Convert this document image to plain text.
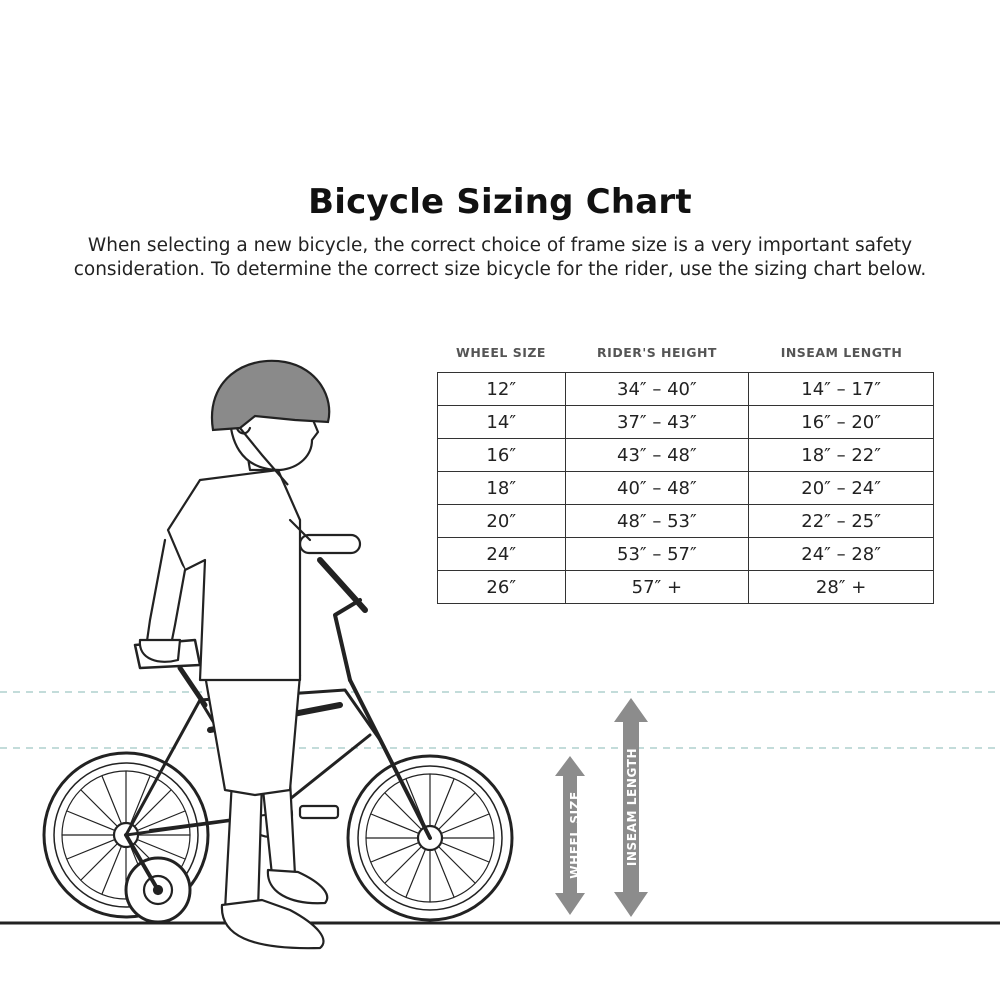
Bicycle Sizing Chart
When selecting a new bicycle, the correct choice of frame size is a very important safety
consideration. To determine the correct size bicycle for the rider, use the sizing chart below.
WHEEL SIZE	RIDER'S HEIGHT	INSEAM LENGTH
12″	34″ – 40″	14″ – 17″
14″	37″ – 43″	16″ – 20″
16″	43″ – 48″	18″ – 22″
18″	40″ – 48″	20″ – 24″
20″	48″ – 53″	22″ – 25″
24″	53″ – 57″	24″ – 28″
26″	57″ +	28″ +
WHEEL SIZE	INSEAM LENGTH
